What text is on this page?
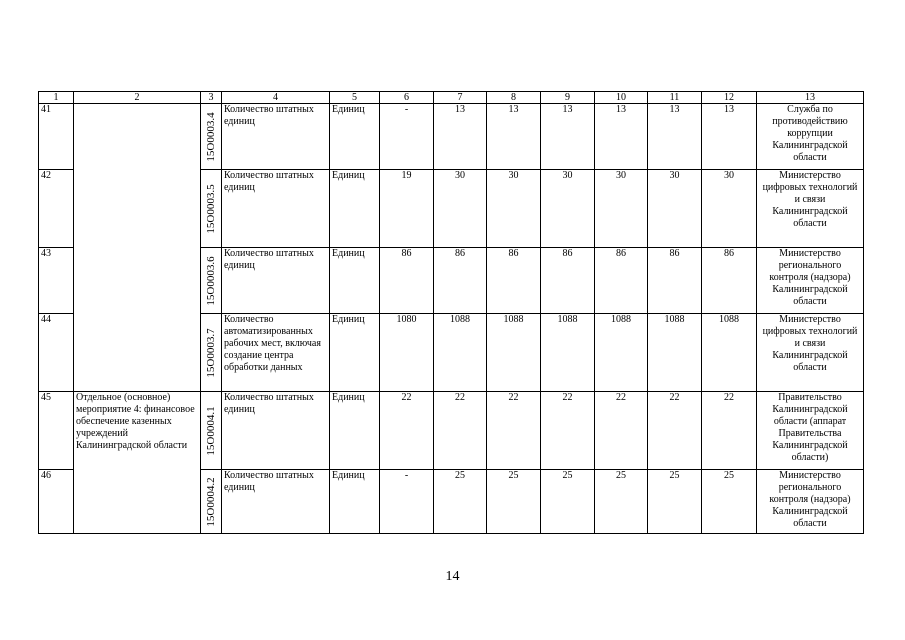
1	2	3	4	5	6	7	8	9	10	11	12	13
41		15O0003.4	Количество штатных единиц	Единиц	-	13	13	13	13	13	13	Служба по противодействию коррупции Калининградской области
42		15O0003.5	Количество штатных единиц	Единиц	19	30	30	30	30	30	30	Министерство цифровых технологий и связи Калининградской области
43		15O0003.6	Количество штатных единиц	Единиц	86	86	86	86	86	86	86	Министерство регионального контроля (надзора) Калининградской области
44		15O0003.7	Количество автоматизированных рабочих мест, включая создание центра обработки данных	Единиц	1080	1088	1088	1088	1088	1088	1088	Министерство цифровых технологий и связи Калининградской области
45	Отдельное (основное) мероприятие 4: финансовое обеспечение казенных учреждений Калининградской области	15O0004.1	Количество штатных единиц	Единиц	22	22	22	22	22	22	22	Правительство Калининградской области (аппарат Правительства Калининградской области)
46		15O0004.2	Количество штатных единиц	Единиц	-	25	25	25	25	25	25	Министерство регионального контроля (надзора) Калининградской области
14
